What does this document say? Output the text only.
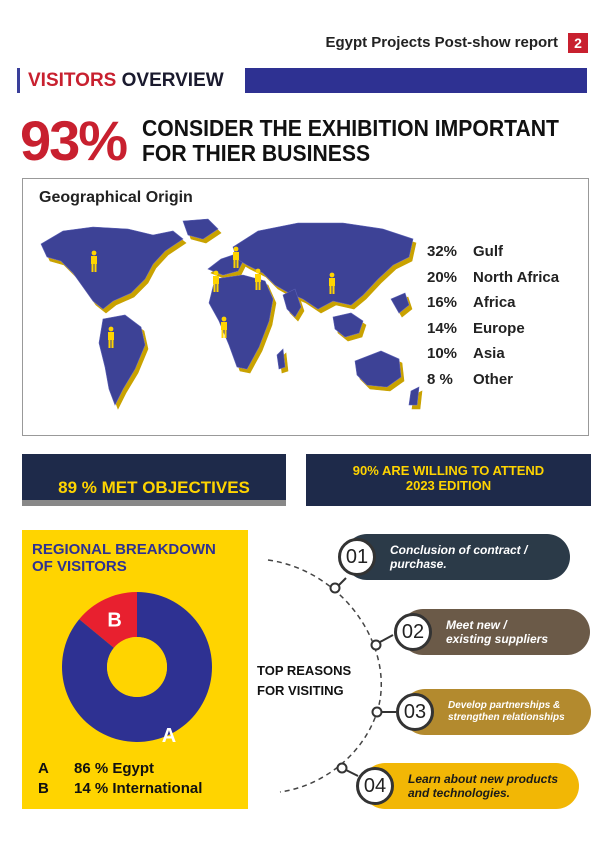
Egypt Projects Post-show report	2
VISITORS OVERVIEW
93% CONSIDER THE EXHIBITION IMPORTANT
FOR THIER BUSINESS
Geographical Origin
32%	Gulf
20%	North Africa
16%	Africa
14%	Europe
10%	Asia
8 %	Other
89 % MET OBJECTIVES
90% ARE WILLING TO ATTEND
2023 EDITION
REGIONAL BREAKDOWN
OF VISITORS
B
A
A	86 % Egypt
B	14 % International
TOP REASONS
FOR VISITING
01	Conclusion of contract /
purchase.
02	Meet new /
existing suppliers
03	Develop partnerships &
strengthen relationships
04	Learn about new products
and technologies.
